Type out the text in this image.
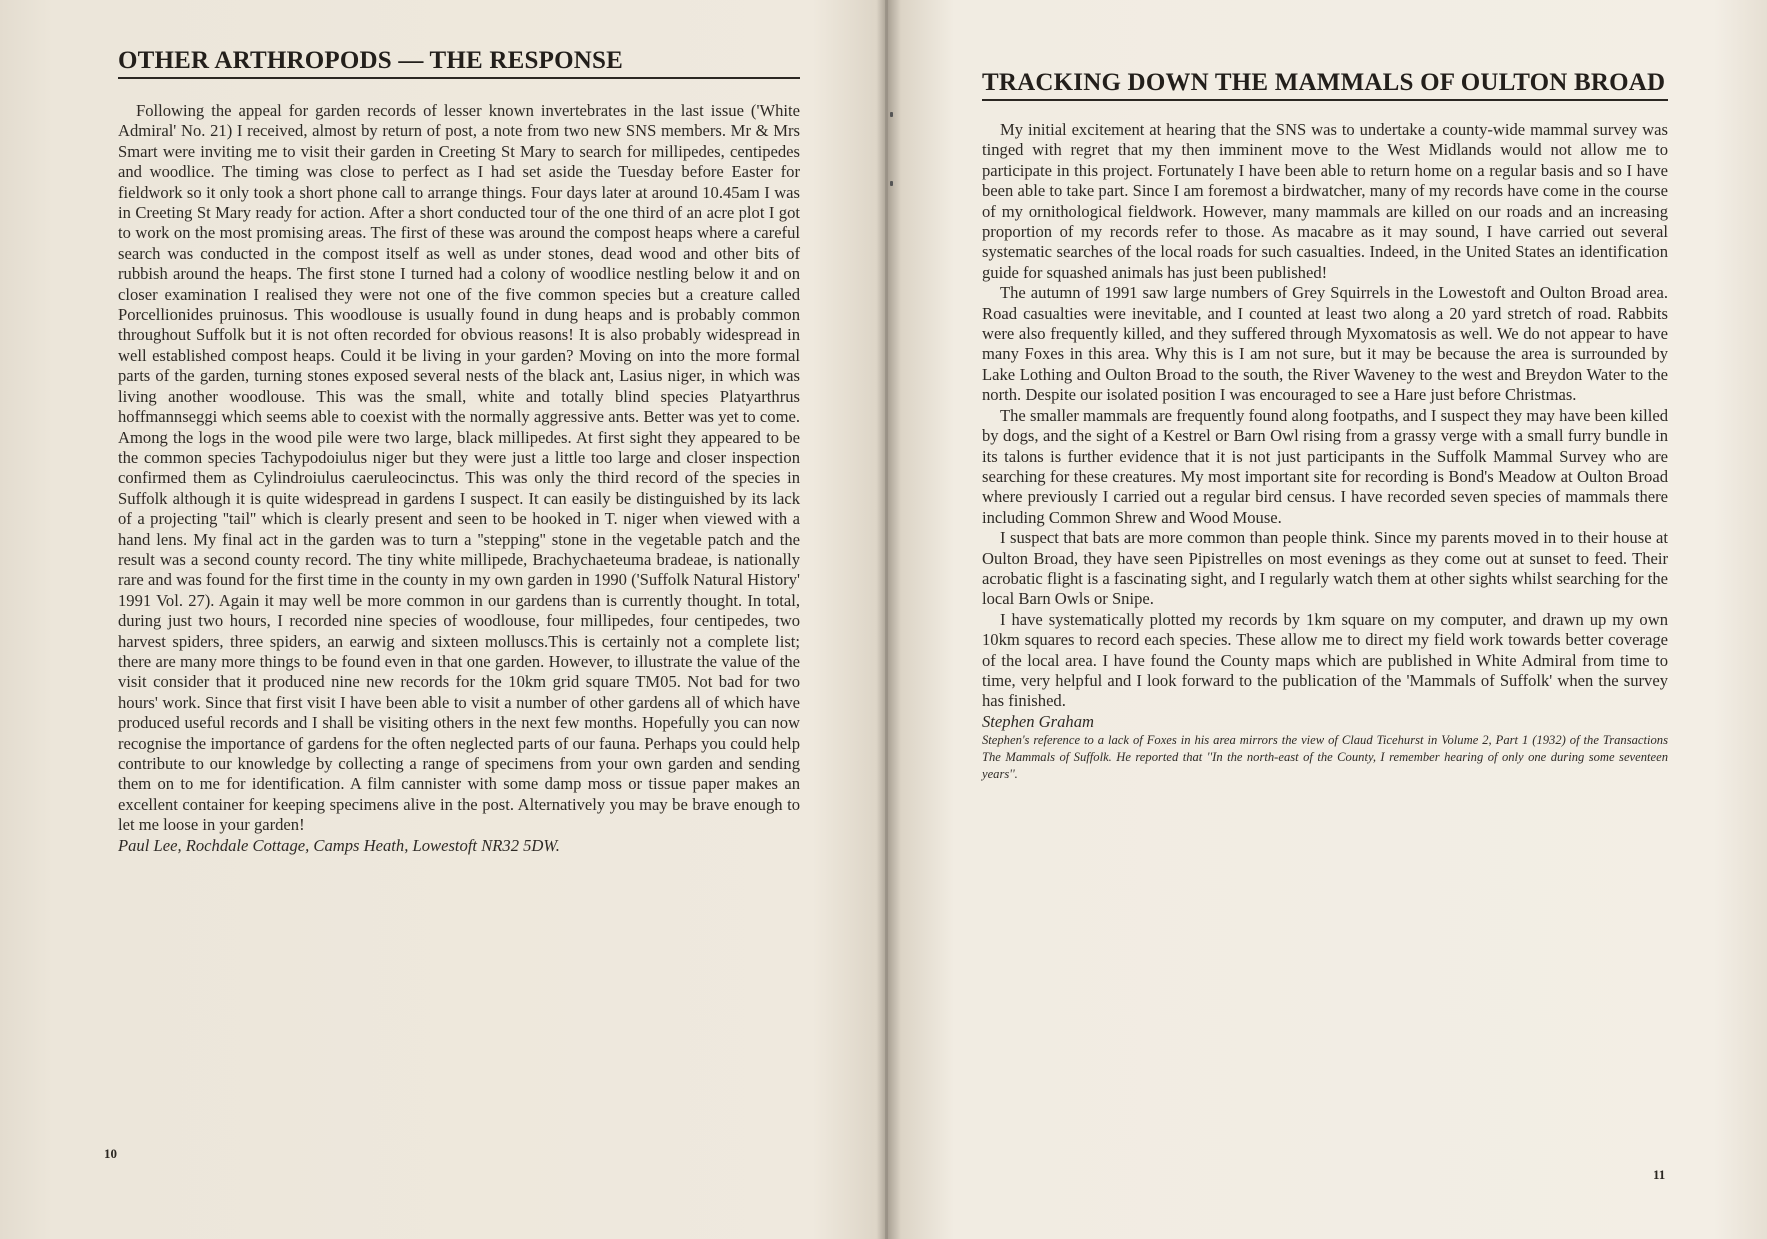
OTHER ARTHROPODS — THE RESPONSE

Following the appeal for garden records of lesser known invertebrates in the last issue ('White Admiral' No. 21) I received, almost by return of post, a note from two new SNS members. Mr & Mrs Smart were inviting me to visit their garden in Creeting St Mary to search for millipedes, centipedes and woodlice. The timing was close to perfect as I had set aside the Tuesday before Easter for fieldwork so it only took a short phone call to arrange things. Four days later at around 10.45am I was in Creeting St Mary ready for action. After a short conducted tour of the one third of an acre plot I got to work on the most promising areas. The first of these was around the compost heaps where a careful search was conducted in the compost itself as well as under stones, dead wood and other bits of rubbish around the heaps. The first stone I turned had a colony of woodlice nestling below it and on closer examination I realised they were not one of the five common species but a creature called Porcellionides pruinosus. This woodlouse is usually found in dung heaps and is probably common throughout Suffolk but it is not often recorded for obvious reasons! It is also probably widespread in well established compost heaps. Could it be living in your garden? Moving on into the more formal parts of the garden, turning stones exposed several nests of the black ant, Lasius niger, in which was living another woodlouse. This was the small, white and totally blind species Platyarthrus hoffmannseggi which seems able to coexist with the normally aggressive ants. Better was yet to come. Among the logs in the wood pile were two large, black millipedes. At first sight they appeared to be the common species Tachypodoiulus niger but they were just a little too large and closer inspection confirmed them as Cylindroiulus caeruleocinctus. This was only the third record of the species in Suffolk although it is quite widespread in gardens I suspect. It can easily be distinguished by its lack of a projecting ''tail'' which is clearly present and seen to be hooked in T. niger when viewed with a hand lens. My final act in the garden was to turn a ''stepping'' stone in the vegetable patch and the result was a second county record. The tiny white millipede, Brachychaeteuma bradeae, is nationally rare and was found for the first time in the county in my own garden in 1990 ('Suffolk Natural History' 1991 Vol. 27). Again it may well be more common in our gardens than is currently thought. In total, during just two hours, I recorded nine species of woodlouse, four millipedes, four centipedes, two harvest spiders, three spiders, an earwig and sixteen molluscs.This is certainly not a complete list; there are many more things to be found even in that one garden. However, to illustrate the value of the visit consider that it produced nine new records for the 10km grid square TM05. Not bad for two hours' work. Since that first visit I have been able to visit a number of other gardens all of which have produced useful records and I shall be visiting others in the next few months. Hopefully you can now recognise the importance of gardens for the often neglected parts of our fauna. Perhaps you could help contribute to our knowledge by collecting a range of specimens from your own garden and sending them on to me for identification. A film cannister with some damp moss or tissue paper makes an excellent container for keeping specimens alive in the post. Alternatively you may be brave enough to let me loose in your garden!

Paul Lee, Rochdale Cottage, Camps Heath, Lowestoft NR32 5DW.

10
TRACKING DOWN THE MAMMALS OF OULTON BROAD

My initial excitement at hearing that the SNS was to undertake a county-wide mammal survey was tinged with regret that my then imminent move to the West Midlands would not allow me to participate in this project. Fortunately I have been able to return home on a regular basis and so I have been able to take part. Since I am foremost a birdwatcher, many of my records have come in the course of my ornithological fieldwork. However, many mammals are killed on our roads and an increasing proportion of my records refer to those. As macabre as it may sound, I have carried out several systematic searches of the local roads for such casualties. Indeed, in the United States an identification guide for squashed animals has just been published!

The autumn of 1991 saw large numbers of Grey Squirrels in the Lowestoft and Oulton Broad area. Road casualties were inevitable, and I counted at least two along a 20 yard stretch of road. Rabbits were also frequently killed, and they suffered through Myxomatosis as well. We do not appear to have many Foxes in this area. Why this is I am not sure, but it may be because the area is surrounded by Lake Lothing and Oulton Broad to the south, the River Waveney to the west and Breydon Water to the north. Despite our isolated position I was encouraged to see a Hare just before Christmas.

The smaller mammals are frequently found along footpaths, and I suspect they may have been killed by dogs, and the sight of a Kestrel or Barn Owl rising from a grassy verge with a small furry bundle in its talons is further evidence that it is not just participants in the Suffolk Mammal Survey who are searching for these creatures. My most important site for recording is Bond's Meadow at Oulton Broad where previously I carried out a regular bird census. I have recorded seven species of mammals there including Common Shrew and Wood Mouse.

I suspect that bats are more common than people think. Since my parents moved in to their house at Oulton Broad, they have seen Pipistrelles on most evenings as they come out at sunset to feed. Their acrobatic flight is a fascinating sight, and I regularly watch them at other sights whilst searching for the local Barn Owls or Snipe.

I have systematically plotted my records by 1km square on my computer, and drawn up my own 10km squares to record each species. These allow me to direct my field work towards better coverage of the local area. I have found the County maps which are published in White Admiral from time to time, very helpful and I look forward to the publication of the 'Mammals of Suffolk' when the survey has finished.

Stephen Graham

Stephen's reference to a lack of Foxes in his area mirrors the view of Claud Ticehurst in Volume 2, Part 1 (1932) of the Transactions The Mammals of Suffolk. He reported that ''In the north-east of the County, I remember hearing of only one during some seventeen years''.

11
